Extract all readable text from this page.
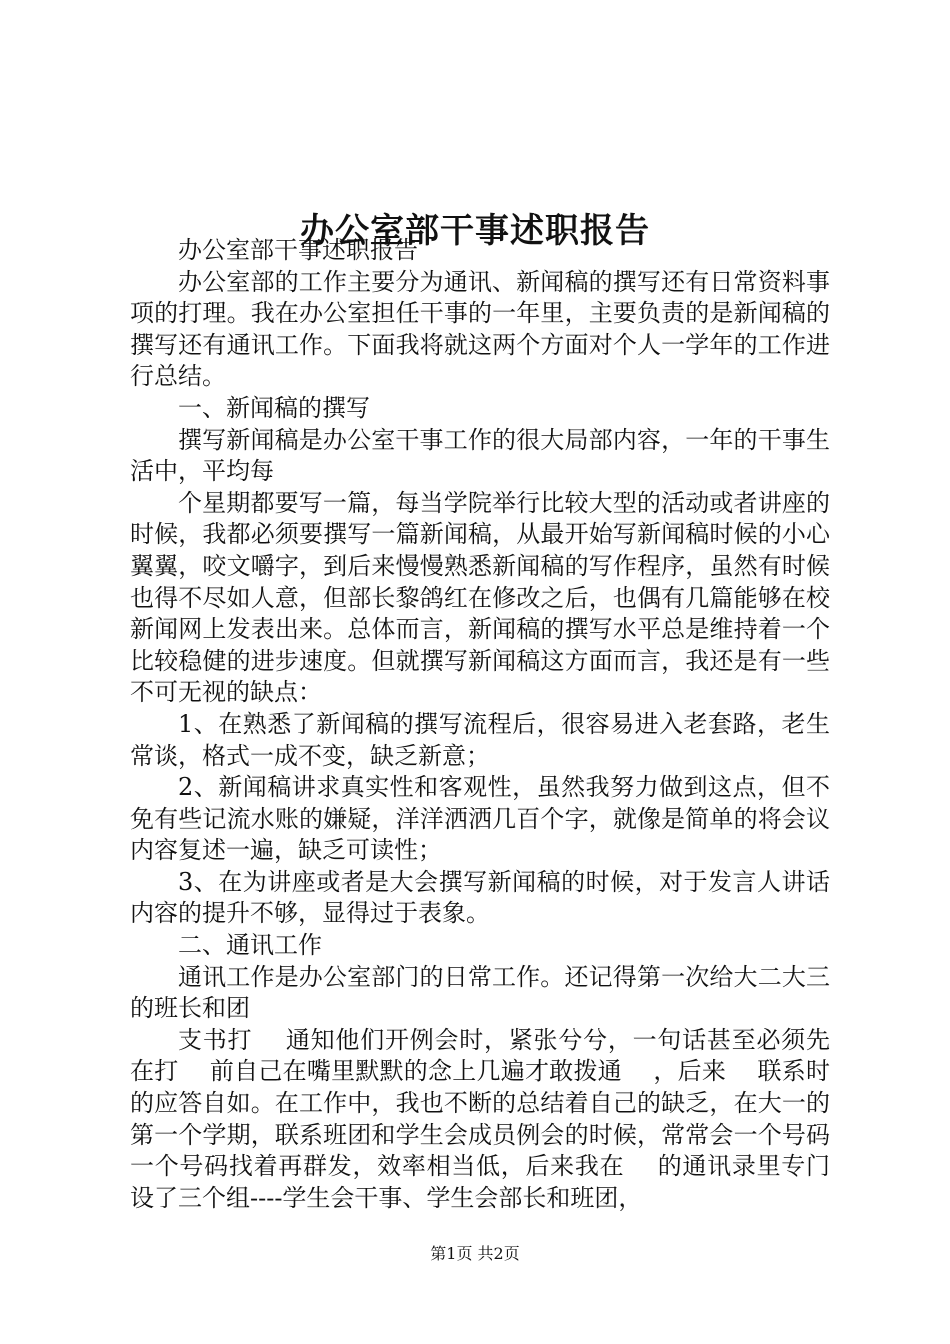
办公室部干事述职报告

办公室部干事述职报告

办公室部的工作主要分为通讯、新闻稿的撰写还有日常资料事项的打理。我在办公室担任干事的一年里，主要负责的是新闻稿的撰写还有通讯工作。下面我将就这两个方面对个人一学年的工作进行总结。

一、新闻稿的撰写

撰写新闻稿是办公室干事工作的很大局部内容，一年的干事生活中，平均每

个星期都要写一篇，每当学院举行比较大型的活动或者讲座的时候，我都必须要撰写一篇新闻稿，从最开始写新闻稿时候的小心翼翼，咬文嚼字，到后来慢慢熟悉新闻稿的写作程序，虽然有时候也得不尽如人意，但部长黎鸽红在修改之后，也偶有几篇能够在校新闻网上发表出来。总体而言，新闻稿的撰写水平总是维持着一个比较稳健的进步速度。但就撰写新闻稿这方面而言，我还是有一些不可无视的缺点：

1、在熟悉了新闻稿的撰写流程后，很容易进入老套路，老生常谈，格式一成不变，缺乏新意；

2、新闻稿讲求真实性和客观性，虽然我努力做到这点，但不免有些记流水账的嫌疑，洋洋洒洒几百个字，就像是简单的将会议内容复述一遍，缺乏可读性；

3、在为讲座或者是大会撰写新闻稿的时候，对于发言人讲话内容的提升不够，显得过于表象。

二、通讯工作

通讯工作是办公室部门的日常工作。还记得第一次给大二大三的班长和团

支书打    通知他们开例会时，紧张兮兮，一句话甚至必须先在打    前自己在嘴里默默的念上几遍才敢拨通    ，后来    联系时的应答自如。在工作中，我也不断的总结着自己的缺乏，在大一的第一个学期，联系班团和学生会成员例会的时候，常常会一个号码一个号码找着再群发，效率相当低，后来我在    的通讯录里专门设了三个组----学生会干事、学生会部长和班团，

第1页 共2页
